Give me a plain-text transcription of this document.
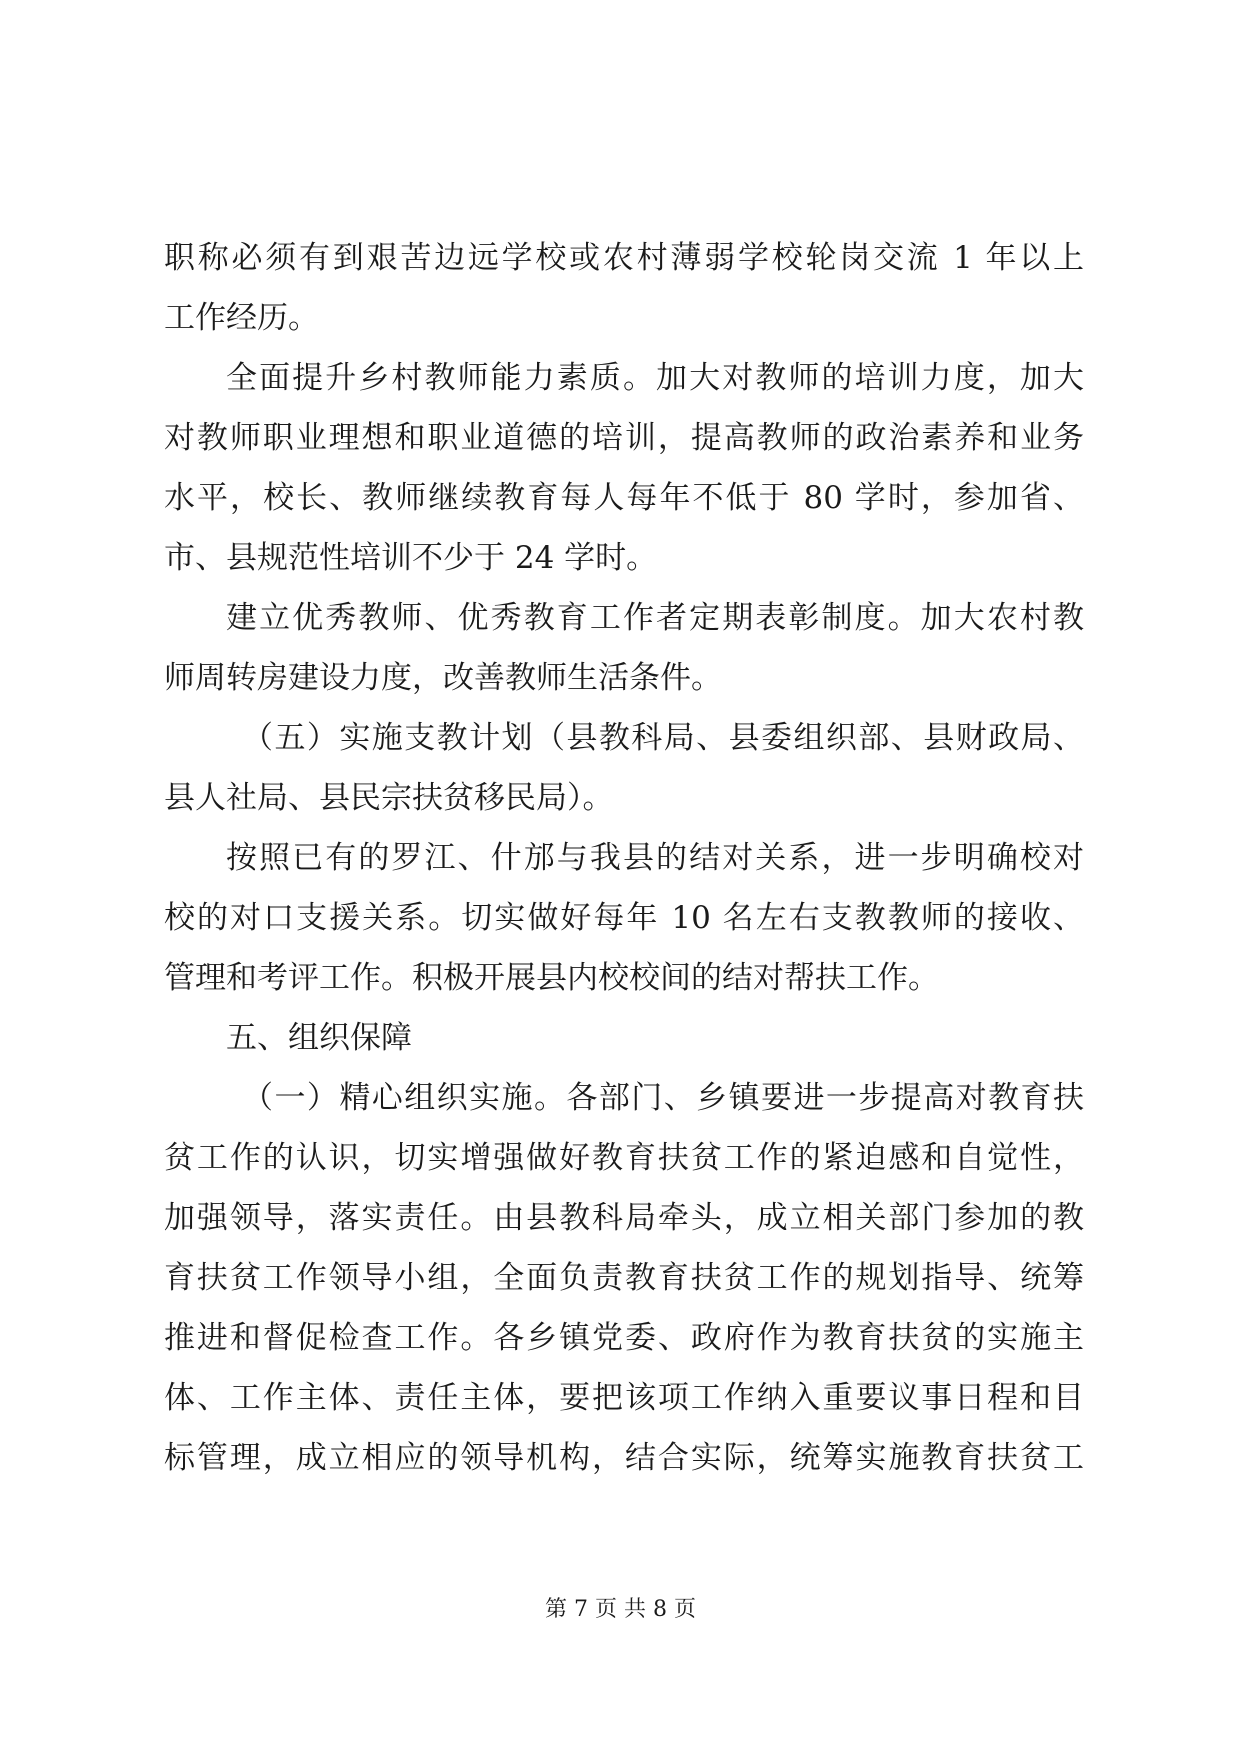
职称必须有到艰苦边远学校或农村薄弱学校轮岗交流 1 年以上
工作经历。
全面提升乡村教师能力素质。加大对教师的培训力度，加大
对教师职业理想和职业道德的培训，提高教师的政治素养和业务
水平，校长、教师继续教育每人每年不低于 80 学时，参加省、
市、县规范性培训不少于 24 学时。
建立优秀教师、优秀教育工作者定期表彰制度。加大农村教
师周转房建设力度，改善教师生活条件。
（五）实施支教计划（县教科局、县委组织部、县财政局、
县人社局、县民宗扶贫移民局）。
按照已有的罗江、什邡与我县的结对关系，进一步明确校对
校的对口支援关系。切实做好每年 10 名左右支教教师的接收、
管理和考评工作。积极开展县内校校间的结对帮扶工作。
五、组织保障
（一）精心组织实施。各部门、乡镇要进一步提高对教育扶
贫工作的认识，切实增强做好教育扶贫工作的紧迫感和自觉性，
加强领导，落实责任。由县教科局牵头，成立相关部门参加的教
育扶贫工作领导小组，全面负责教育扶贫工作的规划指导、统筹
推进和督促检查工作。各乡镇党委、政府作为教育扶贫的实施主
体、工作主体、责任主体，要把该项工作纳入重要议事日程和目
标管理，成立相应的领导机构，结合实际，统筹实施教育扶贫工
第 7 页 共 8 页
